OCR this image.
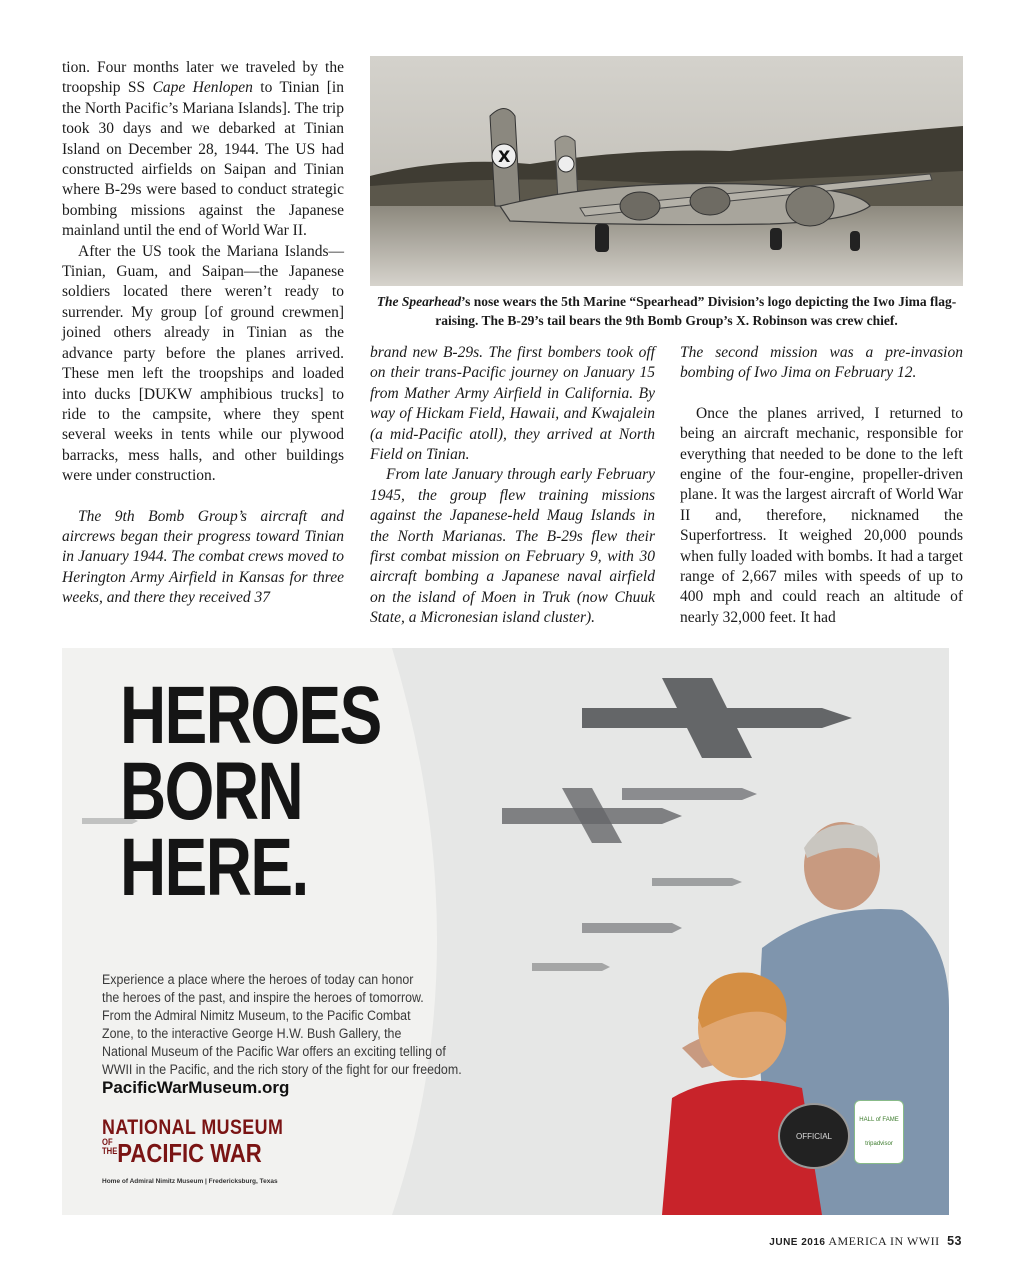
tion. Four months later we traveled by the troopship SS Cape Henlopen to Tinian [in the North Pacific’s Mariana Islands]. The trip took 30 days and we debarked at Tinian Island on December 28, 1944. The US had constructed airfields on Saipan and Tinian where B-29s were based to conduct strategic bombing missions against the Japanese mainland until the end of World War II.

After the US took the Mariana Islands—Tinian, Guam, and Saipan—the Japanese soldiers located there weren’t ready to surrender. My group [of ground crewmen] joined others already in Tinian as the advance party before the planes arrived. These men left the troopships and loaded into ducks [DUKW amphibious trucks] to ride to the campsite, where they spent several weeks in tents while our plywood barracks, mess halls, and other buildings were under construction.

The 9th Bomb Group’s aircraft and aircrews began their progress toward Tinian in January 1944. The combat crews moved to Herington Army Airfield in Kansas for three weeks, and there they received 37

X
The Spearhead’s nose wears the 5th Marine “Spearhead” Division’s logo depicting the Iwo Jima flag-raising. The B-29’s tail bears the 9th Bomb Group’s X. Robinson was crew chief.

brand new B-29s. The first bombers took off on their trans-Pacific journey on January 15 from Mather Army Airfield in California. By way of Hickam Field, Hawaii, and Kwajalein (a mid-Pacific atoll), they arrived at North Field on Tinian.

From late January through early February 1945, the group flew training missions against the Japanese-held Maug Islands in the North Marianas. The B-29s flew their first combat mission on February 9, with 30 aircraft bombing a Japanese naval airfield on the island of Moen in Truk (now Chuuk State, a Micronesian island cluster).

The second mission was a pre-invasion bombing of Iwo Jima on February 12.

Once the planes arrived, I returned to being an aircraft mechanic, responsible for everything that needed to be done to the left engine of the four-engine, propeller-driven plane. It was the largest aircraft of World War II and, therefore, nicknamed the Superfortress. It weighed 20,000 pounds when fully loaded with bombs. It had a target range of 2,667 miles with speeds of up to 400 mph and could reach an altitude of nearly 32,000 feet. It had

HEROES
BORN
HERE.
Experience a place where the heroes of today can honor
the heroes of the past, and inspire the heroes of tomorrow.
From the Admiral Nimitz Museum, to the Pacific Combat
Zone, to the interactive George H.W. Bush Gallery, the
National Museum of the Pacific War offers an exciting telling of
WWII in the Pacific, and the rich story of the fight for our freedom.
PacificWarMuseum.org
NATIONAL MUSEUM
OF
THEPACIFIC WAR
Home of Admiral Nimitz Museum | Fredericksburg, Texas
OFFICIAL
HALL of FAME
tripadvisor
JUNE 2016 AMERICA IN WWII 53
